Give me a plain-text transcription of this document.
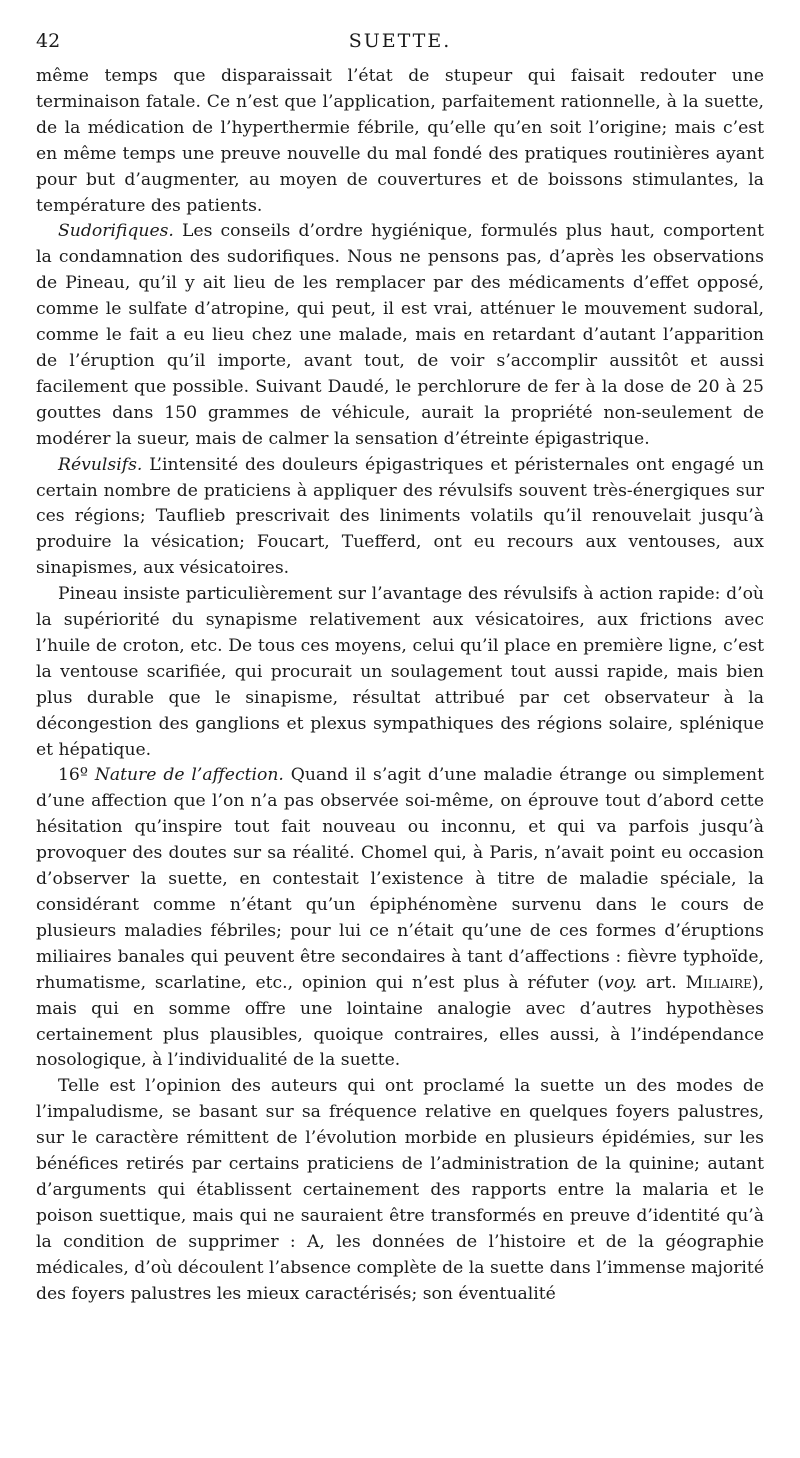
42	SUETTE.

même temps que disparaissait l’état de stupeur qui faisait redouter une terminaison fatale. Ce n’est que l’application, parfaitement rationnelle, à la suette, de la médication de l’hyperthermie fébrile, qu’elle qu’en soit l’origine; mais c’est en même temps une preuve nouvelle du mal fondé des pratiques routinières ayant pour but d’augmenter, au moyen de couvertures et de boissons stimulantes, la température des patients.

Sudorifiques. Les conseils d’ordre hygiénique, formulés plus haut, comportent la condamnation des sudorifiques. Nous ne pensons pas, d’après les observations de Pineau, qu’il y ait lieu de les remplacer par des médicaments d’effet opposé, comme le sulfate d’atropine, qui peut, il est vrai, atténuer le mouvement sudoral, comme le fait a eu lieu chez une malade, mais en retardant d’autant l’apparition de l’éruption qu’il importe, avant tout, de voir s’accomplir aussitôt et aussi facilement que possible. Suivant Daudé, le perchlorure de fer à la dose de 20 à 25 gouttes dans 150 grammes de véhicule, aurait la propriété non-seulement de modérer la sueur, mais de calmer la sensation d’étreinte épigastrique.

Révulsifs. L’intensité des douleurs épigastriques et péristernales ont engagé un certain nombre de praticiens à appliquer des révulsifs souvent très-énergiques sur ces régions; Tauflieb prescrivait des liniments volatils qu’il renouvelait jusqu’à produire la vésication; Foucart, Tuefferd, ont eu recours aux ventouses, aux sinapismes, aux vésicatoires.

Pineau insiste particulièrement sur l’avantage des révulsifs à action rapide: d’où la supériorité du synapisme relativement aux vésicatoires, aux frictions avec l’huile de croton, etc. De tous ces moyens, celui qu’il place en première ligne, c’est la ventouse scarifiée, qui procurait un soulagement tout aussi rapide, mais bien plus durable que le sinapisme, résultat attribué par cet observateur à la décongestion des ganglions et plexus sympathiques des régions solaire, splénique et hépatique.

16º Nature de l’affection. Quand il s’agit d’une maladie étrange ou simplement d’une affection que l’on n’a pas observée soi-même, on éprouve tout d’abord cette hésitation qu’inspire tout fait nouveau ou inconnu, et qui va parfois jusqu’à provoquer des doutes sur sa réalité. Chomel qui, à Paris, n’avait point eu occasion d’observer la suette, en contestait l’existence à titre de maladie spéciale, la considérant comme n’étant qu’un épiphénomène survenu dans le cours de plusieurs maladies fébriles; pour lui ce n’était qu’une de ces formes d’éruptions miliaires banales qui peuvent être secondaires à tant d’affections : fièvre typhoïde, rhumatisme, scarlatine, etc., opinion qui n’est plus à réfuter (voy. art. Miliaire), mais qui en somme offre une lointaine analogie avec d’autres hypothèses certainement plus plausibles, quoique contraires, elles aussi, à l’indépendance nosologique, à l’individualité de la suette.

Telle est l’opinion des auteurs qui ont proclamé la suette un des modes de l’impaludisme, se basant sur sa fréquence relative en quelques foyers palustres, sur le caractère rémittent de l’évolution morbide en plusieurs épidémies, sur les bénéfices retirés par certains praticiens de l’administration de la quinine; autant d’arguments qui établissent certainement des rapports entre la malaria et le poison suettique, mais qui ne sauraient être transformés en preuve d’identité qu’à la condition de supprimer : A, les données de l’histoire et de la géographie médicales, d’où découlent l’absence complète de la suette dans l’immense majorité des foyers palustres les mieux caractérisés; son éventualité
